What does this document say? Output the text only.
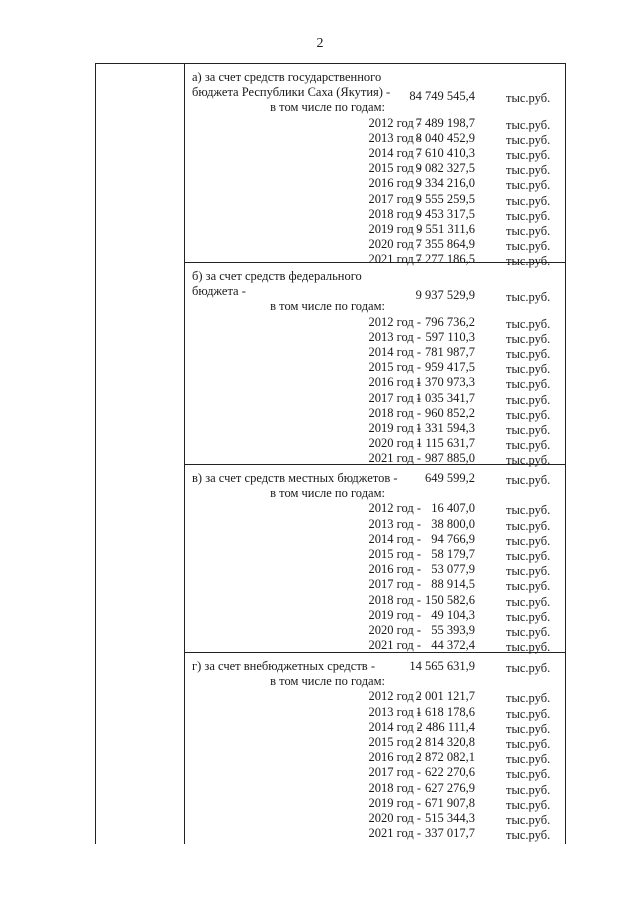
2
а) за счет средств государственного
бюджета Республики Саха (Якутия) - 84 749 545,4 тыс.руб.
в том числе по годам:
2012 год -
7 489 198,7 тыс.руб.
2013 год -
8 040 452,9 тыс.руб.
2014 год -
7 610 410,3 тыс.руб.
2015 год -
9 082 327,5 тыс.руб.
2016 год -
9 334 216,0 тыс.руб.
2017 год -
9 555 259,5 тыс.руб.
2018 год -
9 453 317,5 тыс.руб.
2019 год -
9 551 311,6 тыс.руб.
2020 год -
7 355 864,9 тыс.руб.
2021 год -
7 277 186,5 тыс.руб.
б) за счет средств федерального
бюджета -	9 937 529,9 тыс.руб.
в том числе по годам:
2012 год - 796 736,2 тыс.руб.
2013 год - 597 110,3 тыс.руб.
2014 год - 781 987,7 тыс.руб.
2015 год - 959 417,5 тыс.руб.
2016 год -
1 370 973,3 тыс.руб.
2017 год -
1 035 341,7 тыс.руб.
2018 год - 960 852,2 тыс.руб.
2019 год -
1 331 594,3 тыс.руб.
2020 год -
1 115 631,7 тыс.руб.
2021 год - 987 885,0 тыс.руб.
в) за счет средств местных бюджетов - 649 599,2 тыс.руб.
в том числе по годам:
2012 год - 16 407,0 тыс.руб.
2013 год - 38 800,0 тыс.руб.
2014 год - 94 766,9 тыс.руб.
2015 год - 58 179,7 тыс.руб.
2016 год - 53 077,9 тыс.руб.
2017 год - 88 914,5 тыс.руб.
2018 год - 150 582,6 тыс.руб.
2019 год - 49 104,3 тыс.руб.
2020 год - 55 393,9 тыс.руб.
2021 год - 44 372,4 тыс.руб.
г) за счет внебюджетных средств -	14 565 631,9 тыс.руб.
в том числе по годам:
2012 год -
2 001 121,7 тыс.руб.
2013 год -
1 618 178,6 тыс.руб.
2014 год -
2 486 111,4 тыс.руб.
2015 год -
2 814 320,8 тыс.руб.
2016 год -
2 872 082,1 тыс.руб.
2017 год - 622 270,6 тыс.руб.
2018 год - 627 276,9 тыс.руб.
2019 год - 671 907,8 тыс.руб.
2020 год - 515 344,3 тыс.руб.
2021 год - 337 017,7 тыс.руб.
